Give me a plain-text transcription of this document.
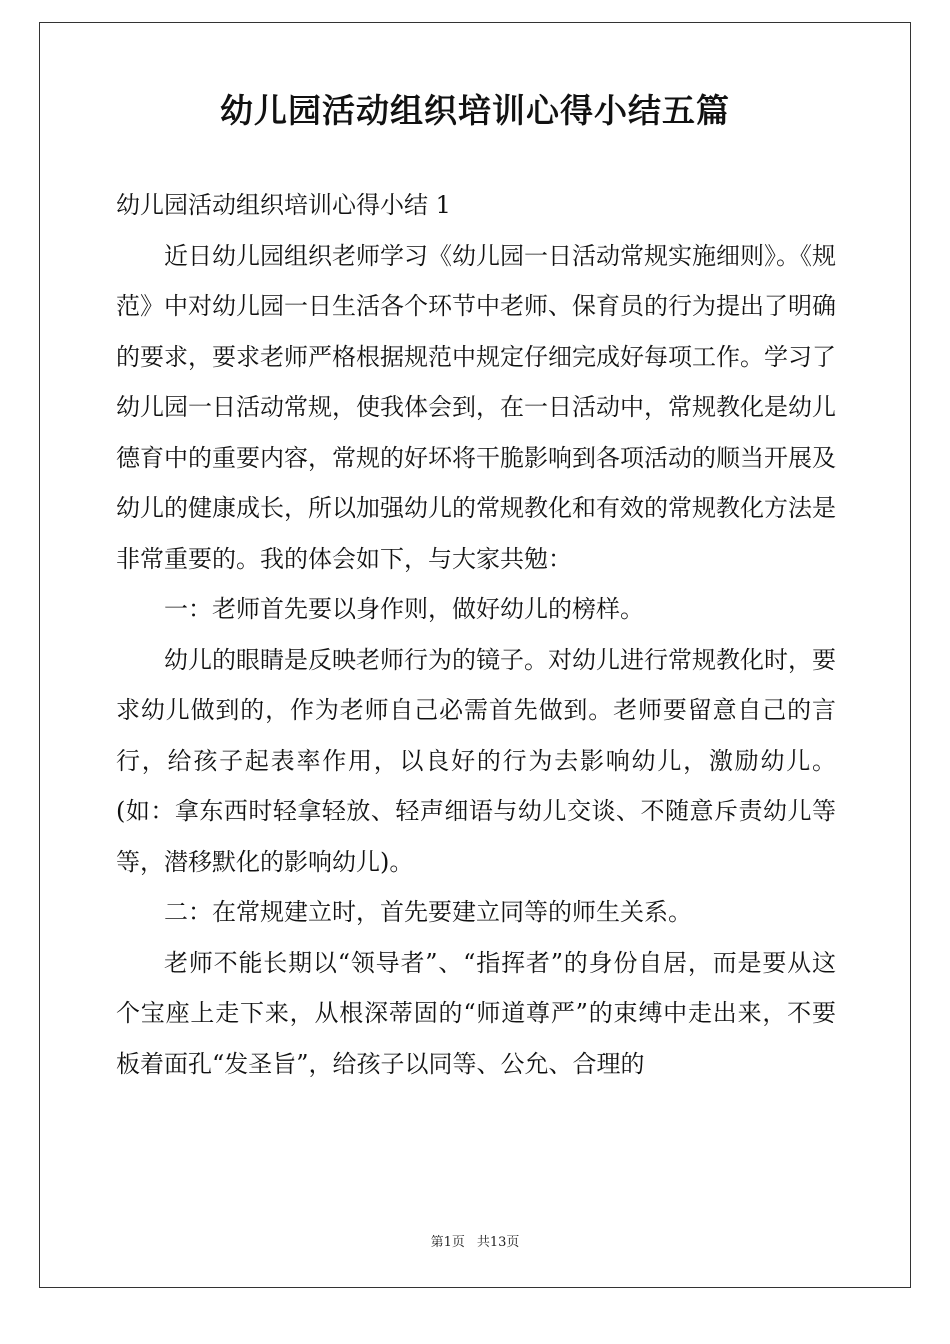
幼儿园活动组织培训心得小结五篇

幼儿园活动组织培训心得小结 1

近日幼儿园组织老师学习《幼儿园一日活动常规实施细则》。《规范》中对幼儿园一日生活各个环节中老师、保育员的行为提出了明确的要求，要求老师严格根据规范中规定仔细完成好每项工作。学习了幼儿园一日活动常规，使我体会到，在一日活动中，常规教化是幼儿德育中的重要内容，常规的好坏将干脆影响到各项活动的顺当开展及幼儿的健康成长，所以加强幼儿的常规教化和有效的常规教化方法是非常重要的。我的体会如下，与大家共勉：

一：老师首先要以身作则，做好幼儿的榜样。

幼儿的眼睛是反映老师行为的镜子。对幼儿进行常规教化时，要求幼儿做到的，作为老师自己必需首先做到。老师要留意自己的言行，给孩子起表率作用，以良好的行为去影响幼儿，激励幼儿。(如：拿东西时轻拿轻放、轻声细语与幼儿交谈、不随意斥责幼儿等等，潜移默化的影响幼儿)。

二：在常规建立时，首先要建立同等的师生关系。

老师不能长期以“领导者”、“指挥者”的身份自居，而是要从这个宝座上走下来，从根深蒂固的“师道尊严”的束缚中走出来，不要板着面孔“发圣旨”，给孩子以同等、公允、合理的

第1页 共13页
